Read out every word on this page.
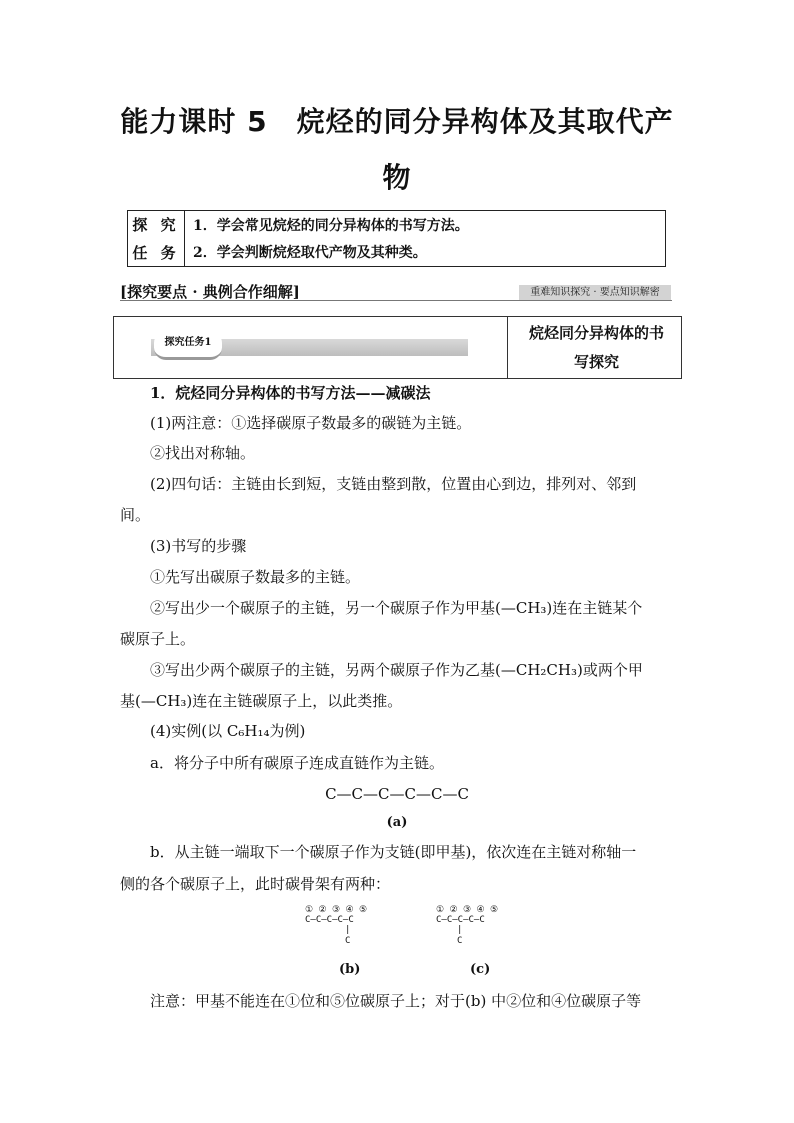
能力课时 5　烷烃的同分异构体及其取代产
物
探 究
任 务
1．学会常见烷烃的同分异构体的书写方法。
2．学会判断烷烃取代产物及其种类。
[探究要点 · 典例合作细解]	重难知识探究 · 要点知识解密
探究任务1
烷烃同分异构体的书
写探究
1．烷烃同分异构体的书写方法——减碳法
(1)两注意：①选择碳原子数最多的碳链为主链。
②找出对称轴。
(2)四句话：主链由长到短，支链由整到散，位置由心到边，排列对、邻到
间。
(3)书写的步骤
①先写出碳原子数最多的主链。
②写出少一个碳原子的主链，另一个碳原子作为甲基(—CH₃)连在主链某个
碳原子上。
③写出少两个碳原子的主链，另两个碳原子作为乙基(—CH₂CH₃)或两个甲
基(—CH₃)连在主链碳原子上，以此类推。
(4)实例(以 C₆H₁₄为例)
a．将分子中所有碳原子连成直链作为主链。
C—C—C—C—C—C
(a)
b．从主链一端取下一个碳原子作为支链(即甲基)，依次连在主链对称轴一
侧的各个碳原子上，此时碳骨架有两种：
① ② ③ ④ ⑤
C—C—C—C—C
|
C
① ② ③ ④ ⑤
C—C—C—C—C
|
C
(b)	(c)
注意：甲基不能连在①位和⑤位碳原子上；对于(b) 中②位和④位碳原子等
